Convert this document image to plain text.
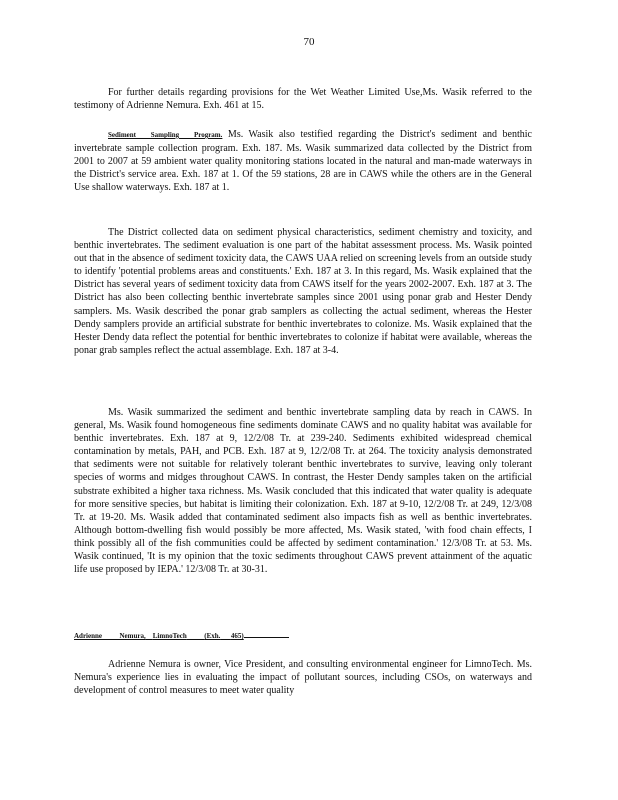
70

For further details regarding provisions for the Wet Weather Limited Use,Ms. Wasik referred to the testimony of Adrienne Nemura. Exh. 461 at 15.

Sediment Sampling Program. Ms. Wasik also testified regarding the District's sediment and benthic invertebrate sample collection program. Exh. 187. Ms. Wasik summarized data collected by the District from 2001 to 2007 at 59 ambient water quality monitoring stations located in the natural and man-made waterways in the District's service area. Exh. 187 at 1. Of the 59 stations, 28 are in CAWS while the others are in the General Use shallow waterways. Exh. 187 at 1.

The District collected data on sediment physical characteristics, sediment chemistry and toxicity, and benthic invertebrates. The sediment evaluation is one part of the habitat assessment process. Ms. Wasik pointed out that in the absence of sediment toxicity data, the CAWS UAA relied on screening levels from an outside study to identify 'potential problems areas and constituents.' Exh. 187 at 3. In this regard, Ms. Wasik explained that the District has several years of sediment toxicity data from CAWS itself for the years 2002-2007. Exh. 187 at 3. The District has also been collecting benthic invertebrate samples since 2001 using ponar grab and Hester Dendy samplers. Ms. Wasik described the ponar grab samplers as collecting the actual sediment, whereas the Hester Dendy samplers provide an artificial substrate for benthic invertebrates to colonize. Ms. Wasik explained that the Hester Dendy data reflect the potential for benthic invertebrates to colonize if habitat were available, whereas the ponar grab samples reflect the actual assemblage. Exh. 187 at 3-4.

Ms. Wasik summarized the sediment and benthic invertebrate sampling data by reach in CAWS. In general, Ms. Wasik found homogeneous fine sediments dominate CAWS and no quality habitat was available for benthic invertebrates. Exh. 187 at 9, 12/2/08 Tr. at 239-240. Sediments exhibited widespread chemical contamination by metals, PAH, and PCB. Exh. 187 at 9, 12/2/08 Tr. at 264. The toxicity analysis demonstrated that sediments were not suitable for relatively tolerant benthic invertebrates to survive, leaving only tolerant species of worms and midges throughout CAWS. In contrast, the Hester Dendy samples taken on the artificial substrate exhibited a higher taxa richness. Ms. Wasik concluded that this indicated that water quality is adequate for more sensitive species, but habitat is limiting their colonization. Exh. 187 at 9-10, 12/2/08 Tr. at 249, 12/3/08 Tr. at 19-20. Ms. Wasik added that contaminated sediment also impacts fish as well as benthic invertebrates. Although bottom-dwelling fish would possibly be more affected, Ms. Wasik stated, 'with food chain effects, I think possibly all of the fish communities could be affected by sediment contamination.' 12/3/08 Tr. at 53. Ms. Wasik continued, 'It is my opinion that the toxic sediments throughout CAWS prevent attainment of the aquatic life use proposed by IEPA.' 12/3/08 Tr. at 30-31.

Adrienne	Nemura, LimnoTech	(Exh. 465)

Adrienne Nemura is owner, Vice President, and consulting environmental engineer for LimnoTech. Ms. Nemura's experience lies in evaluating the impact of pollutant sources, including CSOs, on waterways and development of control measures to meet water quality
